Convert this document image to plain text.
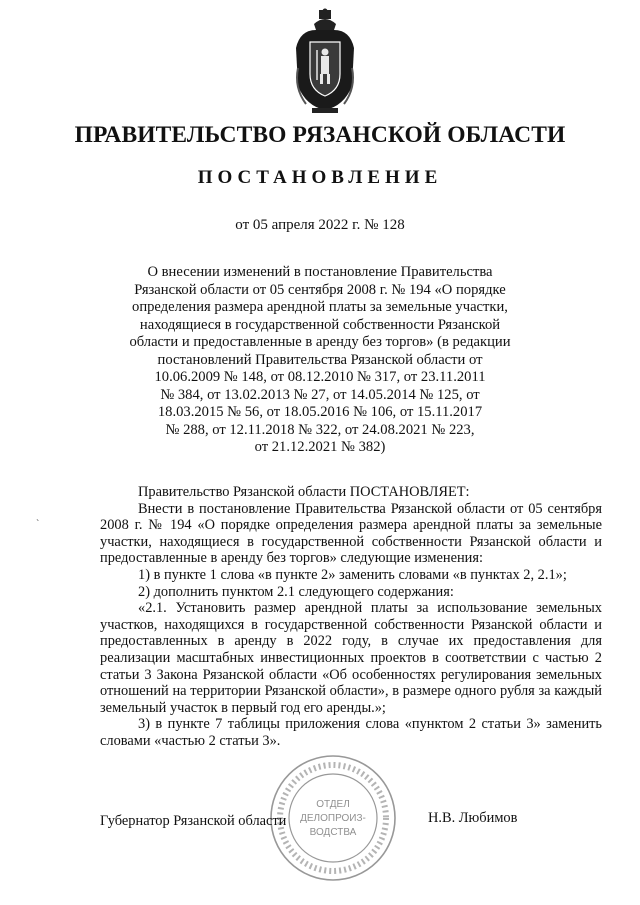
ПРАВИТЕЛЬСТВО РЯЗАНСКОЙ ОБЛАСТИ
ПОСТАНОВЛЕНИЕ
от 05 апреля 2022 г. № 128
О внесении изменений в постановление Правительства
Рязанской области от 05 сентября 2008 г. № 194 «О порядке
определения размера арендной платы за земельные участки,
находящиеся в государственной собственности Рязанской
области и предоставленные в аренду без торгов» (в редакции
постановлений Правительства Рязанской области от
10.06.2009 № 148, от 08.12.2010 № 317, от 23.11.2011
№ 384, от 13.02.2013 № 27, от 14.05.2014 № 125, от
18.03.2015 № 56, от 18.05.2016 № 106, от 15.11.2017
№ 288, от 12.11.2018 № 322, от 24.08.2021 № 223,
от 21.12.2021 № 382)
`

Правительство Рязанской области ПОСТАНОВЛЯЕТ:

Внести в постановление Правительства Рязанской области от 05 сентября 2008 г. № 194 «О порядке определения размера арендной платы за земельные участки, находящиеся в государственной собственности Рязанской области и предоставленные в аренду без торгов» следующие изменения:

1) в пункте 1 слова «в пункте 2» заменить словами «в пунктах 2, 2.1»;

2) дополнить пунктом 2.1 следующего содержания:

«2.1. Установить размер арендной платы за использование земельных участков, находящихся в государственной собственности Рязанской области и предоставленных в аренду в 2022 году, в случае их предоставления для реализации масштабных инвестиционных проектов в соответствии с частью 2 статьи 3 Закона Рязанской области «Об особенностях регулирования земельных отношений на территории Рязанской области», в размере одного рубля за каждый земельный участок в первый год его аренды.»;

3) в пункте 7 таблицы приложения слова «пунктом 2 статьи 3» заменить словами «частью 2 статьи 3».

ОТДЕЛ
ДЕЛОПРОИЗ-
ВОДСТВА
Губернатор Рязанской области	Н.В. Любимов
